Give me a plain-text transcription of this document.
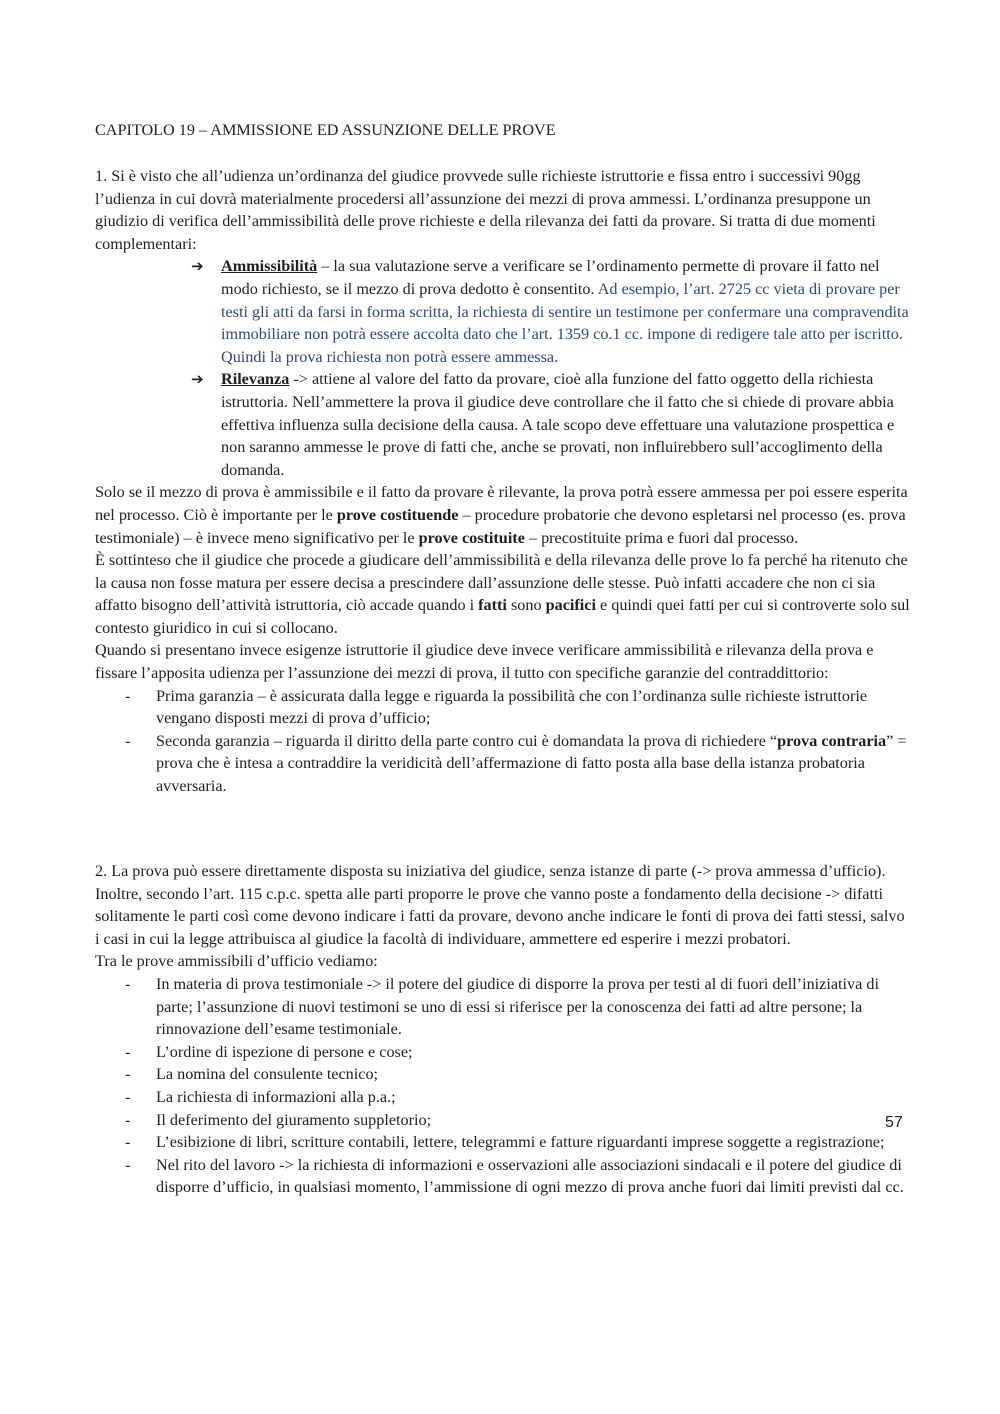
CAPITOLO 19 – AMMISSIONE ED ASSUNZIONE DELLE PROVE

1. Si è visto che all’udienza un’ordinanza del giudice provvede sulle richieste istruttorie e fissa entro i successivi 90gg l’udienza in cui dovrà materialmente procedersi all’assunzione dei mezzi di prova ammessi. L’ordinanza presuppone un giudizio di verifica dell’ammissibilità delle prove richieste e della rilevanza dei fatti da provare. Si tratta di due momenti complementari:

➔ Ammissibilità – la sua valutazione serve a verificare se l’ordinamento permette di provare il fatto nel modo richiesto, se il mezzo di prova dedotto è consentito. Ad esempio, l’art. 2725 cc vieta di provare per testi gli atti da farsi in forma scritta, la richiesta di sentire un testimone per confermare una compravendita immobiliare non potrà essere accolta dato che l’art. 1359 co.1 cc. impone di redigere tale atto per iscritto. Quindi la prova richiesta non potrà essere ammessa.
➔ Rilevanza -> attiene al valore del fatto da provare, cioè alla funzione del fatto oggetto della richiesta istruttoria. Nell’ammettere la prova il giudice deve controllare che il fatto che si chiede di provare abbia effettiva influenza sulla decisione della causa. A tale scopo deve effettuare una valutazione prospettica e non saranno ammesse le prove di fatti che, anche se provati, non influirebbero sull’accoglimento della domanda.

Solo se il mezzo di prova è ammissibile e il fatto da provare è rilevante, la prova potrà essere ammessa per poi essere esperita nel processo. Ciò è importante per le prove costituende – procedure probatorie che devono espletarsi nel processo (es. prova testimoniale) – è invece meno significativo per le prove costituite – precostituite prima e fuori dal processo.

È sottinteso che il giudice che procede a giudicare dell’ammissibilità e della rilevanza delle prove lo fa perché ha ritenuto che la causa non fosse matura per essere decisa a prescindere dall’assunzione delle stesse. Può infatti accadere che non ci sia affatto bisogno dell’attività istruttoria, ciò accade quando i fatti sono pacifici e quindi quei fatti per cui si controverte solo sul contesto giuridico in cui si collocano.

Quando si presentano invece esigenze istruttorie il giudice deve invece verificare ammissibilità e rilevanza della prova e fissare l’apposita udienza per l’assunzione dei mezzi di prova, il tutto con specifiche garanzie del contraddittorio:

- Prima garanzia – è assicurata dalla legge e riguarda la possibilità che con l’ordinanza sulle richieste istruttorie vengano disposti mezzi di prova d’ufficio;
- Seconda garanzia – riguarda il diritto della parte contro cui è domandata la prova di richiedere “prova contraria” = prova che è intesa a contraddire la veridicità dell’affermazione di fatto posta alla base della istanza probatoria avversaria.

2. La prova può essere direttamente disposta su iniziativa del giudice, senza istanze di parte (-> prova ammessa d’ufficio).

Inoltre, secondo l’art. 115 c.p.c. spetta alle parti proporre le prove che vanno poste a fondamento della decisione -> difatti solitamente le parti così come devono indicare i fatti da provare, devono anche indicare le fonti di prova dei fatti stessi, salvo i casi in cui la legge attribuisca al giudice la facoltà di individuare, ammettere ed esperire i mezzi probatori.

Tra le prove ammissibili d’ufficio vediamo:

- In materia di prova testimoniale -> il potere del giudice di disporre la prova per testi al di fuori dell’iniziativa di parte; l’assunzione di nuovi testimoni se uno di essi si riferisce per la conoscenza dei fatti ad altre persone; la rinnovazione dell’esame testimoniale.
- L’ordine di ispezione di persone e cose;
- La nomina del consulente tecnico;
- La richiesta di informazioni alla p.a.;
- Il deferimento del giuramento suppletorio;
- L’esibizione di libri, scritture contabili, lettere, telegrammi e fatture riguardanti imprese soggette a registrazione;
- Nel rito del lavoro -> la richiesta di informazioni e osservazioni alle associazioni sindacali e il potere del giudice di disporre d’ufficio, in qualsiasi momento, l’ammissione di ogni mezzo di prova anche fuori dai limiti previsti dal cc.
57
